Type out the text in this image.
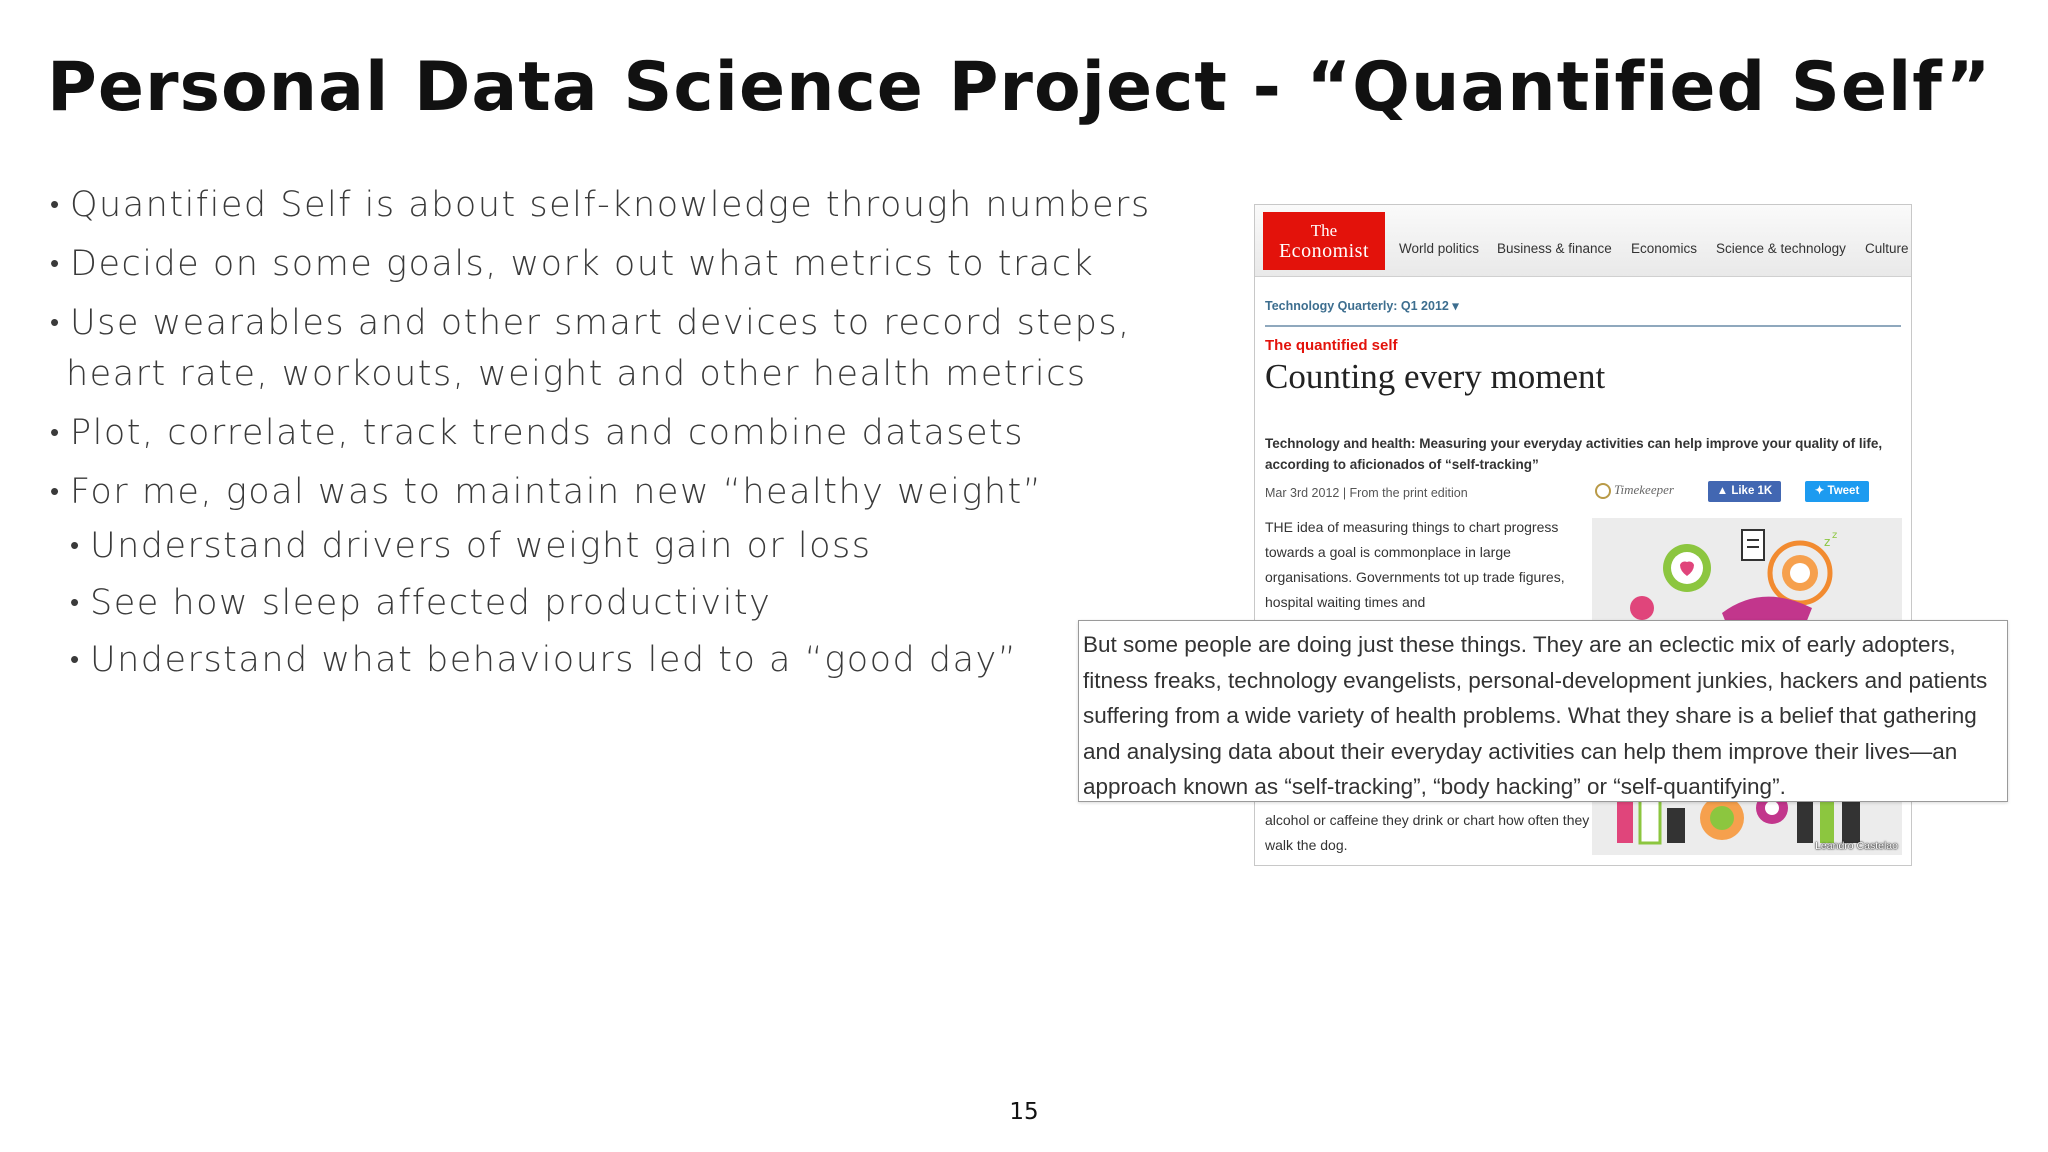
Personal Data Science Project - “Quantified Self”
• Quantified Self is about self-knowledge through numbers
• Decide on some goals, work out what metrics to track
• Use wearables and other smart devices to record steps,
heart rate, workouts, weight and other health metrics
• Plot, correlate, track trends and combine datasets
• For me, goal was to maintain new “healthy weight”
• Understand drivers of weight gain or loss
• See how sleep affected productivity
• Understand what behaviours led to a “good day”
The
Economist	World politics Business & finance Economics Science & technology Culture
Technology Quarterly: Q1 2012 ▾
The quantified self
Counting every moment
Technology and health: Measuring your everyday activities can help improve your quality of life, according to aficionados of “self-tracking”
Mar 3rd 2012 | From the print edition	Timekeeper	▲ Like 1K	✦ Tweet
THE idea of measuring things to chart progress towards a goal is commonplace in large organisations. Governments tot up trade figures, hospital waiting times and
alcohol or caffeine they drink or chart how often they walk the dog.
z z
Leandro Castelao
But some people are doing just these things. They are an eclectic mix of early adopters, fitness freaks, technology evangelists, personal-development junkies, hackers and patients suffering from a wide variety of health problems. What they share is a belief that gathering and analysing data about their everyday activities can help them improve their lives—an approach known as “self-tracking”, “body hacking” or “self-quantifying”.
15
